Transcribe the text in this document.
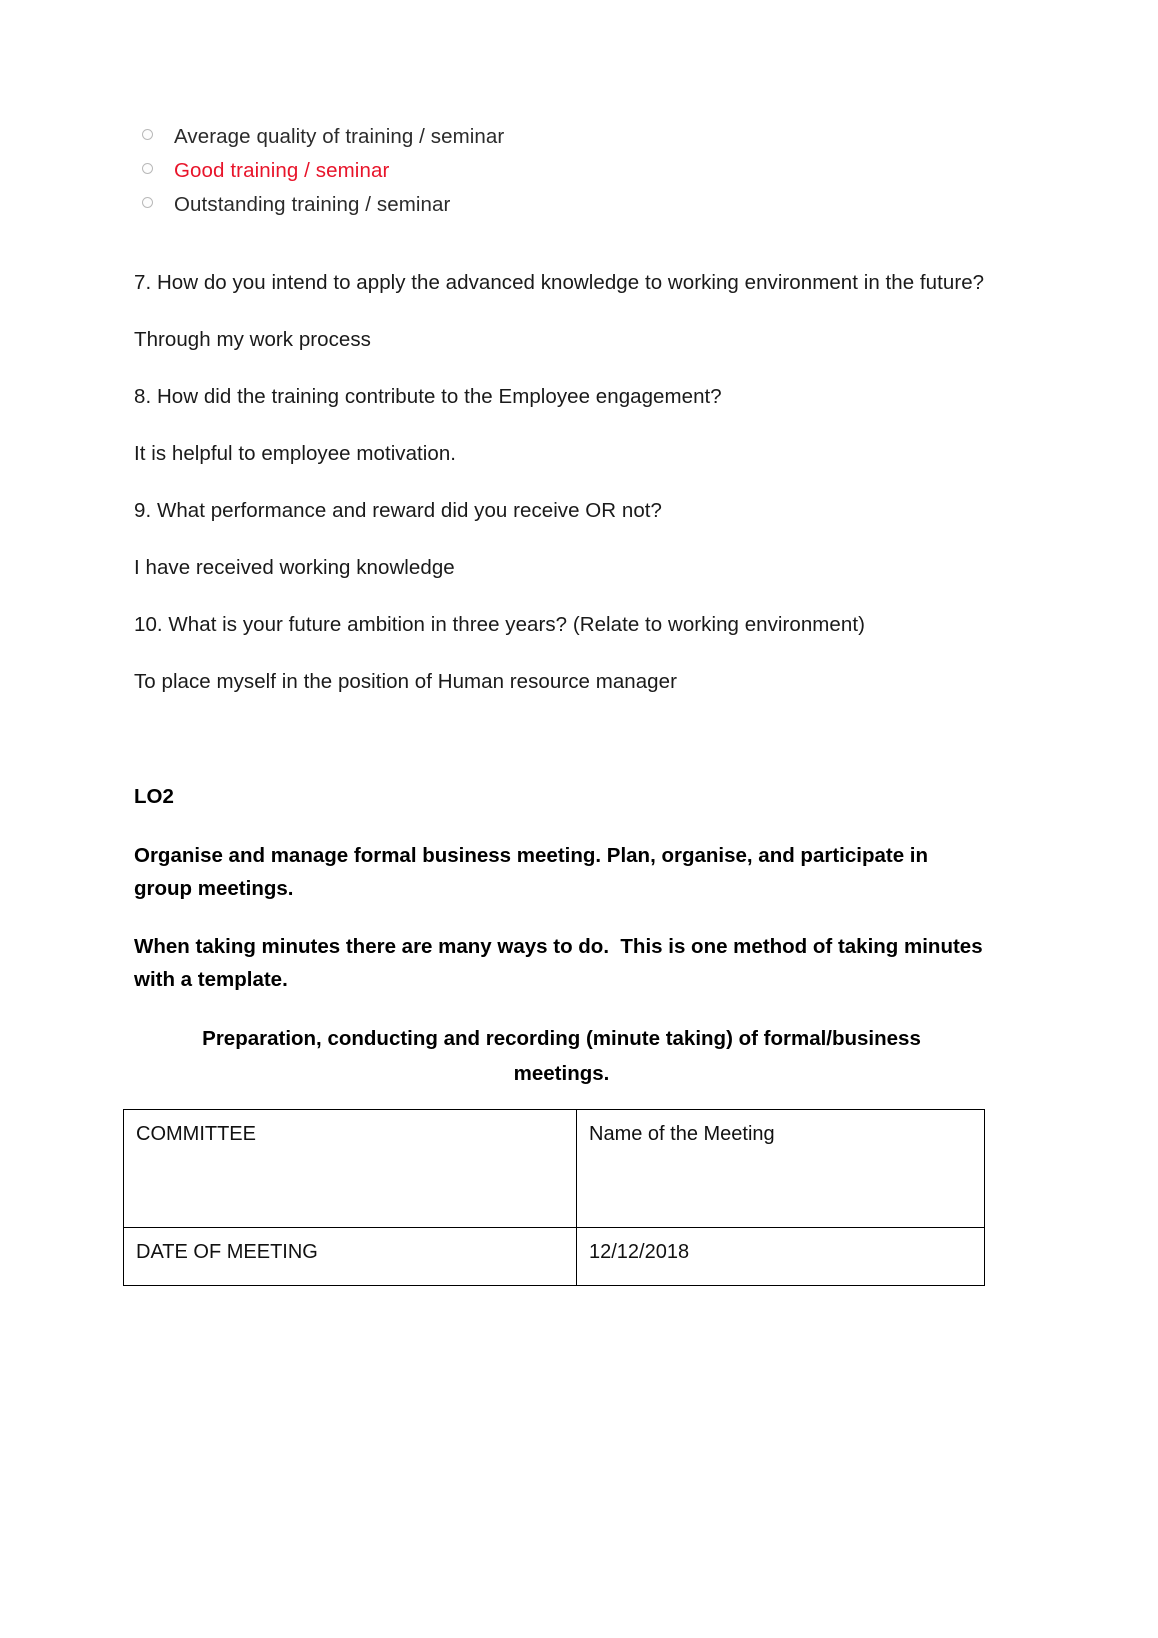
Average quality of training / seminar
Good training / seminar
Outstanding training / seminar

7. How do you intend to apply the advanced knowledge to working environment in the future?

Through my work process

8. How did the training contribute to the Employee engagement?

It is helpful to employee motivation.

9. What performance and reward did you receive OR not?

I have received working knowledge

10. What is your future ambition in three years? (Relate to working environment)

To place myself in the position of Human resource manager

LO2

Organise and manage formal business meeting. Plan, organise, and participate in group meetings.

When taking minutes there are many ways to do.  This is one method of taking minutes with a template.

Preparation, conducting and recording (minute taking) of formal/business meetings.

COMMITTEE	Name of the Meeting
DATE OF MEETING	12/12/2018
